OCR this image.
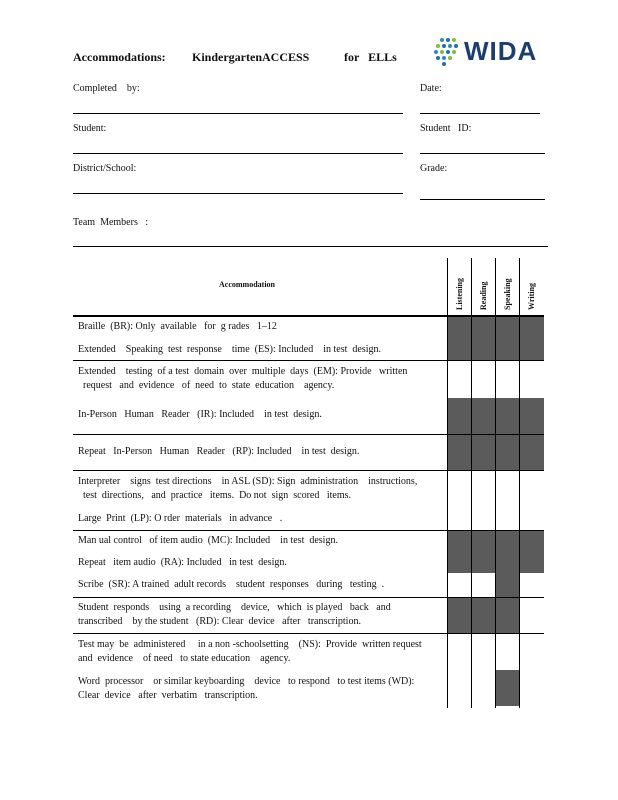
Accommodations: KindergartenACCESS	for   ELLs	WIDA
Completed    by:	Date:
Student:	Student   ID:
District/School:	Grade:
Team  Members   :
Accommodation	Listening Reading Speaking Writing
Braille  (BR): Only  available   for  g rades   1–12
Extended    Speaking  test  response    time  (ES): Included    in test  design.
Extended    testing  of a test  domain  over  multiple  days  (EM): Provide   written
request   and  evidence   of  need  to  state  education    agency.
In-Person   Human   Reader   (IR): Included    in test  design.
Repeat   In-Person   Human   Reader   (RP): Included    in test  design.
Interpreter    signs  test directions    in ASL (SD): Sign  administration    instructions,
test  directions,   and  practice   items.  Do not  sign  scored   items.
Large  Print  (LP): O rder  materials   in advance   .
Man ual control   of item audio  (MC): Included    in test  design.
Repeat   item audio  (RA): Included   in test  design.
Scribe  (SR): A trained  adult records    student  responses   during   testing  .
Student  responds    using  a recording    device,   which  is played   back   and
transcribed    by the student   (RD): Clear  device   after   transcription.
Test may  be  administered     in a non -schoolsetting    (NS):  Provide  written request
and  evidence    of need   to state education    agency.
Word  processor    or similar keyboarding    device   to respond   to test items (WD):
Clear  device   after  verbatim   transcription.
